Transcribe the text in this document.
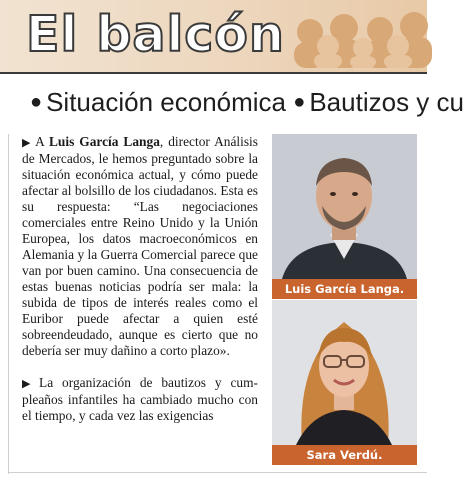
El balcón
● Situación económica ● Bautizos y cu

▶ A Luis García Langa, director Análisis de Mercados, le hemos preguntado sobre la situación económica actual, y cómo puede afectar al bolsillo de los ciudadanos. Esta es su respuesta: “Las negociaciones comerciales entre Reino Unido y la Unión Europea, los datos macroeconómicos en Alemania y la Guerra Comercial parece que van por buen camino. Una consecuencia de estas buenas noticias podría ser mala: la subida de tipos de interés reales como el Euribor puede afectar a quien esté sobreendeudado, aunque es cierto que no debería ser muy dañino a corto plazo».

▶ La organización de bautizos y cumpleaños infantiles ha cambiado mucho con el tiempo, y cada vez las exigencias

Luis García Langa.
Sara Verdú.
